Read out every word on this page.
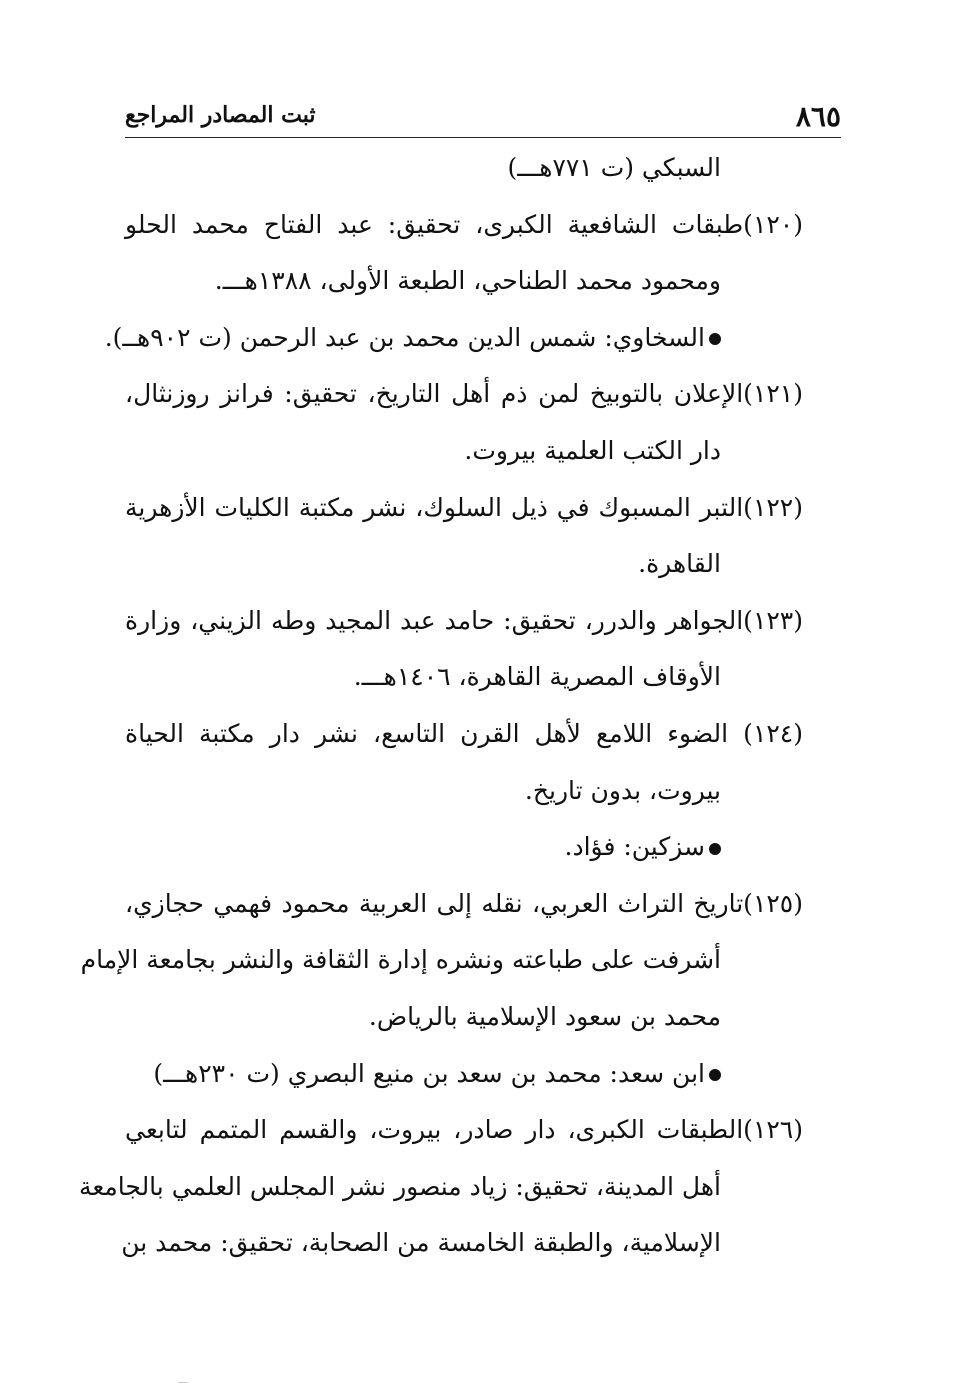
٨٦٥
ثبت المصادر المراجع
السبكي (ت ٧٧١هـــ)
(١٢٠)طبقات الشافعية الكبرى، تحقيق: عبد الفتاح محمد الحلو
ومحمود محمد الطناحي، الطبعة الأولى، ١٣٨٨هـــ.
السخاوي: شمس الدين محمد بن عبد الرحمن (ت ٩٠٢هــ).
(١٢١)الإعلان بالتوبيخ لمن ذم أهل التاريخ، تحقيق: فرانز روزنثال،
دار الكتب العلمية بيروت.
(١٢٢)التبر المسبوك في ذيل السلوك، نشر مكتبة الكليات الأزهرية
القاهرة.
(١٢٣)الجواهر والدرر، تحقيق: حامد عبد المجيد وطه الزيني، وزارة
الأوقاف المصرية القاهرة، ١٤٠٦هـــ.
(١٢٤) الضوء اللامع لأهل القرن التاسع، نشر دار مكتبة الحياة
بيروت، بدون تاريخ.
سزكين: فؤاد.
(١٢٥)تاريخ التراث العربي، نقله إلى العربية محمود فهمي حجازي،
أشرفت على طباعته ونشره إدارة الثقافة والنشر بجامعة الإمام
محمد بن سعود الإسلامية بالرياض.
ابن سعد: محمد بن سعد بن منيع البصري (ت ٢٣٠هـــ)
(١٢٦)الطبقات الكبرى، دار صادر، بيروت، والقسم المتمم لتابعي
أهل المدينة، تحقيق: زياد منصور نشر المجلس العلمي بالجامعة
الإسلامية، والطبقة الخامسة من الصحابة، تحقيق: محمد بن
